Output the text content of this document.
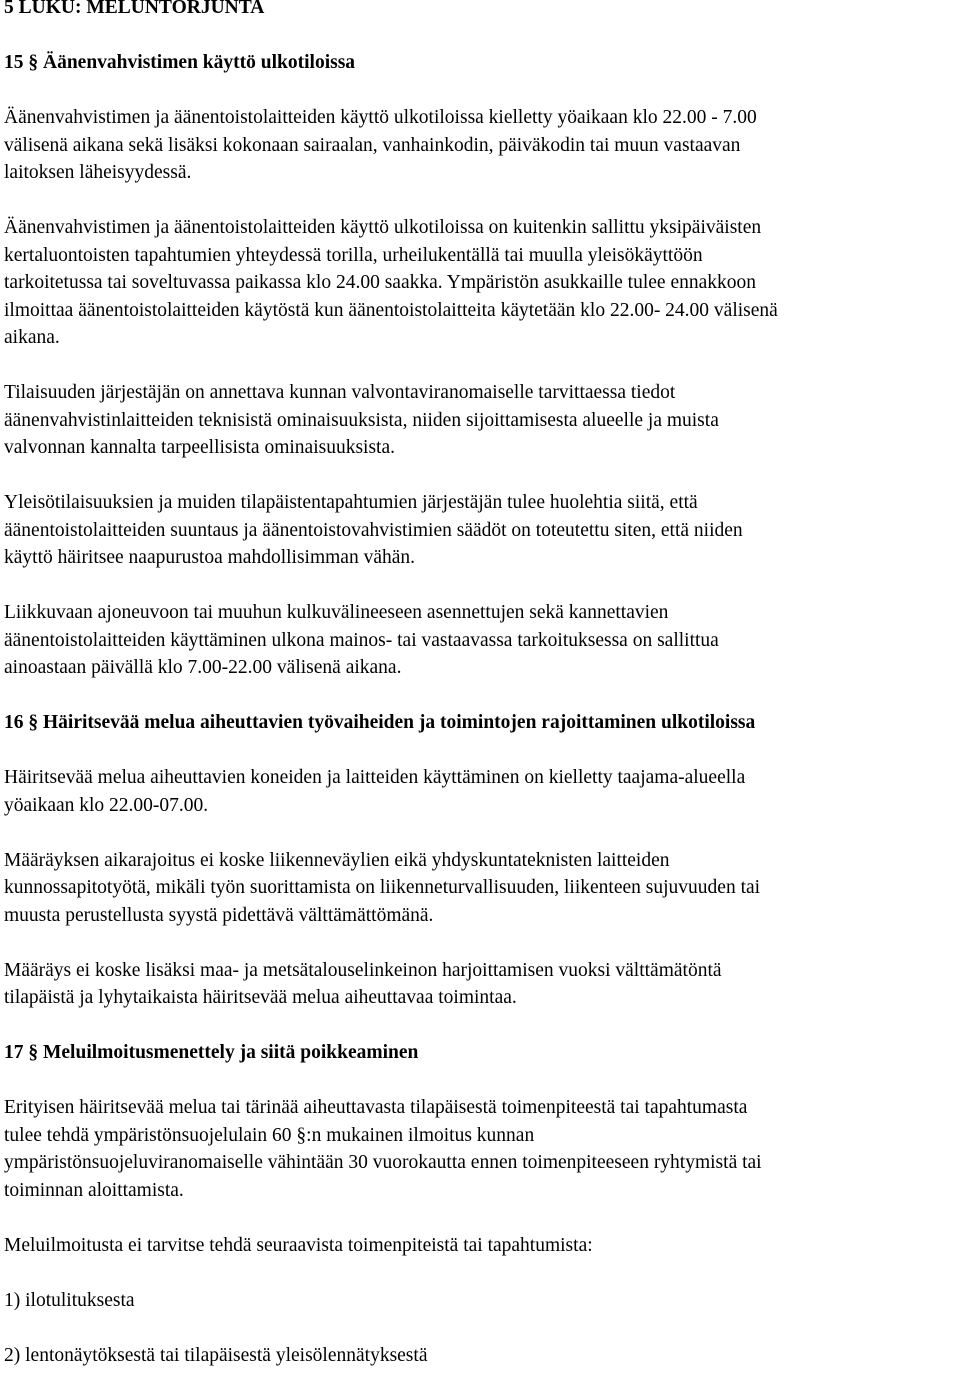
5 LUKU: MELUNTORJUNTA
15 § Äänenvahvistimen käyttö ulkotiloissa

Äänenvahvistimen ja äänentoistolaitteiden käyttö ulkotiloissa kielletty yöaikaan klo 22.00 - 7.00
välisenä aikana sekä lisäksi kokonaan sairaalan, vanhainkodin, päiväkodin tai muun vastaavan
laitoksen läheisyydessä.

Äänenvahvistimen ja äänentoistolaitteiden käyttö ulkotiloissa on kuitenkin sallittu yksipäiväisten
kertaluontoisten tapahtumien yhteydessä torilla, urheilukentällä tai muulla yleisökäyttöön
tarkoitetussa tai soveltuvassa paikassa klo 24.00 saakka. Ympäristön asukkaille tulee ennakkoon
ilmoittaa äänentoistolaitteiden käytöstä kun äänentoistolaitteita käytetään klo 22.00- 24.00 välisenä
aikana.

Tilaisuuden järjestäjän on annettava kunnan valvontaviranomaiselle tarvittaessa tiedot
äänenvahvistinlaitteiden teknisistä ominaisuuksista, niiden sijoittamisesta alueelle ja muista
valvonnan kannalta tarpeellisista ominaisuuksista.

Yleisötilaisuuksien ja muiden tilapäistentapahtumien järjestäjän tulee huolehtia siitä, että
äänentoistolaitteiden suuntaus ja äänentoistovahvistimien säädöt on toteutettu siten, että niiden
käyttö häiritsee naapurustoa mahdollisimman vähän.

Liikkuvaan ajoneuvoon tai muuhun kulkuvälineeseen asennettujen sekä kannettavien
äänentoistolaitteiden käyttäminen ulkona mainos- tai vastaavassa tarkoituksessa on sallittua
ainoastaan päivällä klo 7.00-22.00 välisenä aikana.

16 § Häiritsevää melua aiheuttavien työvaiheiden ja toimintojen rajoittaminen ulkotiloissa

Häiritsevää melua aiheuttavien koneiden ja laitteiden käyttäminen on kielletty taajama-alueella
yöaikaan klo 22.00-07.00.

Määräyksen aikarajoitus ei koske liikenneväylien eikä yhdyskuntateknisten laitteiden
kunnossapitotyötä, mikäli työn suorittamista on liikenneturvallisuuden, liikenteen sujuvuuden tai
muusta perustellusta syystä pidettävä välttämättömänä.

Määräys ei koske lisäksi maa- ja metsätalouselinkeinon harjoittamisen vuoksi välttämätöntä
tilapäistä ja lyhytaikaista häiritsevää melua aiheuttavaa toimintaa.

17 § Meluilmoitusmenettely ja siitä poikkeaminen

Erityisen häiritsevää melua tai tärinää aiheuttavasta tilapäisestä toimenpiteestä tai tapahtumasta
tulee tehdä ympäristönsuojelulain 60 §:n mukainen ilmoitus kunnan
ympäristönsuojeluviranomaiselle vähintään 30 vuorokautta ennen toimenpiteeseen ryhtymistä tai
toiminnan aloittamista.

Meluilmoitusta ei tarvitse tehdä seuraavista toimenpiteistä tai tapahtumista:

1) ilotulituksesta

2) lentonäytöksestä tai tilapäisestä yleisölennätyksestä
